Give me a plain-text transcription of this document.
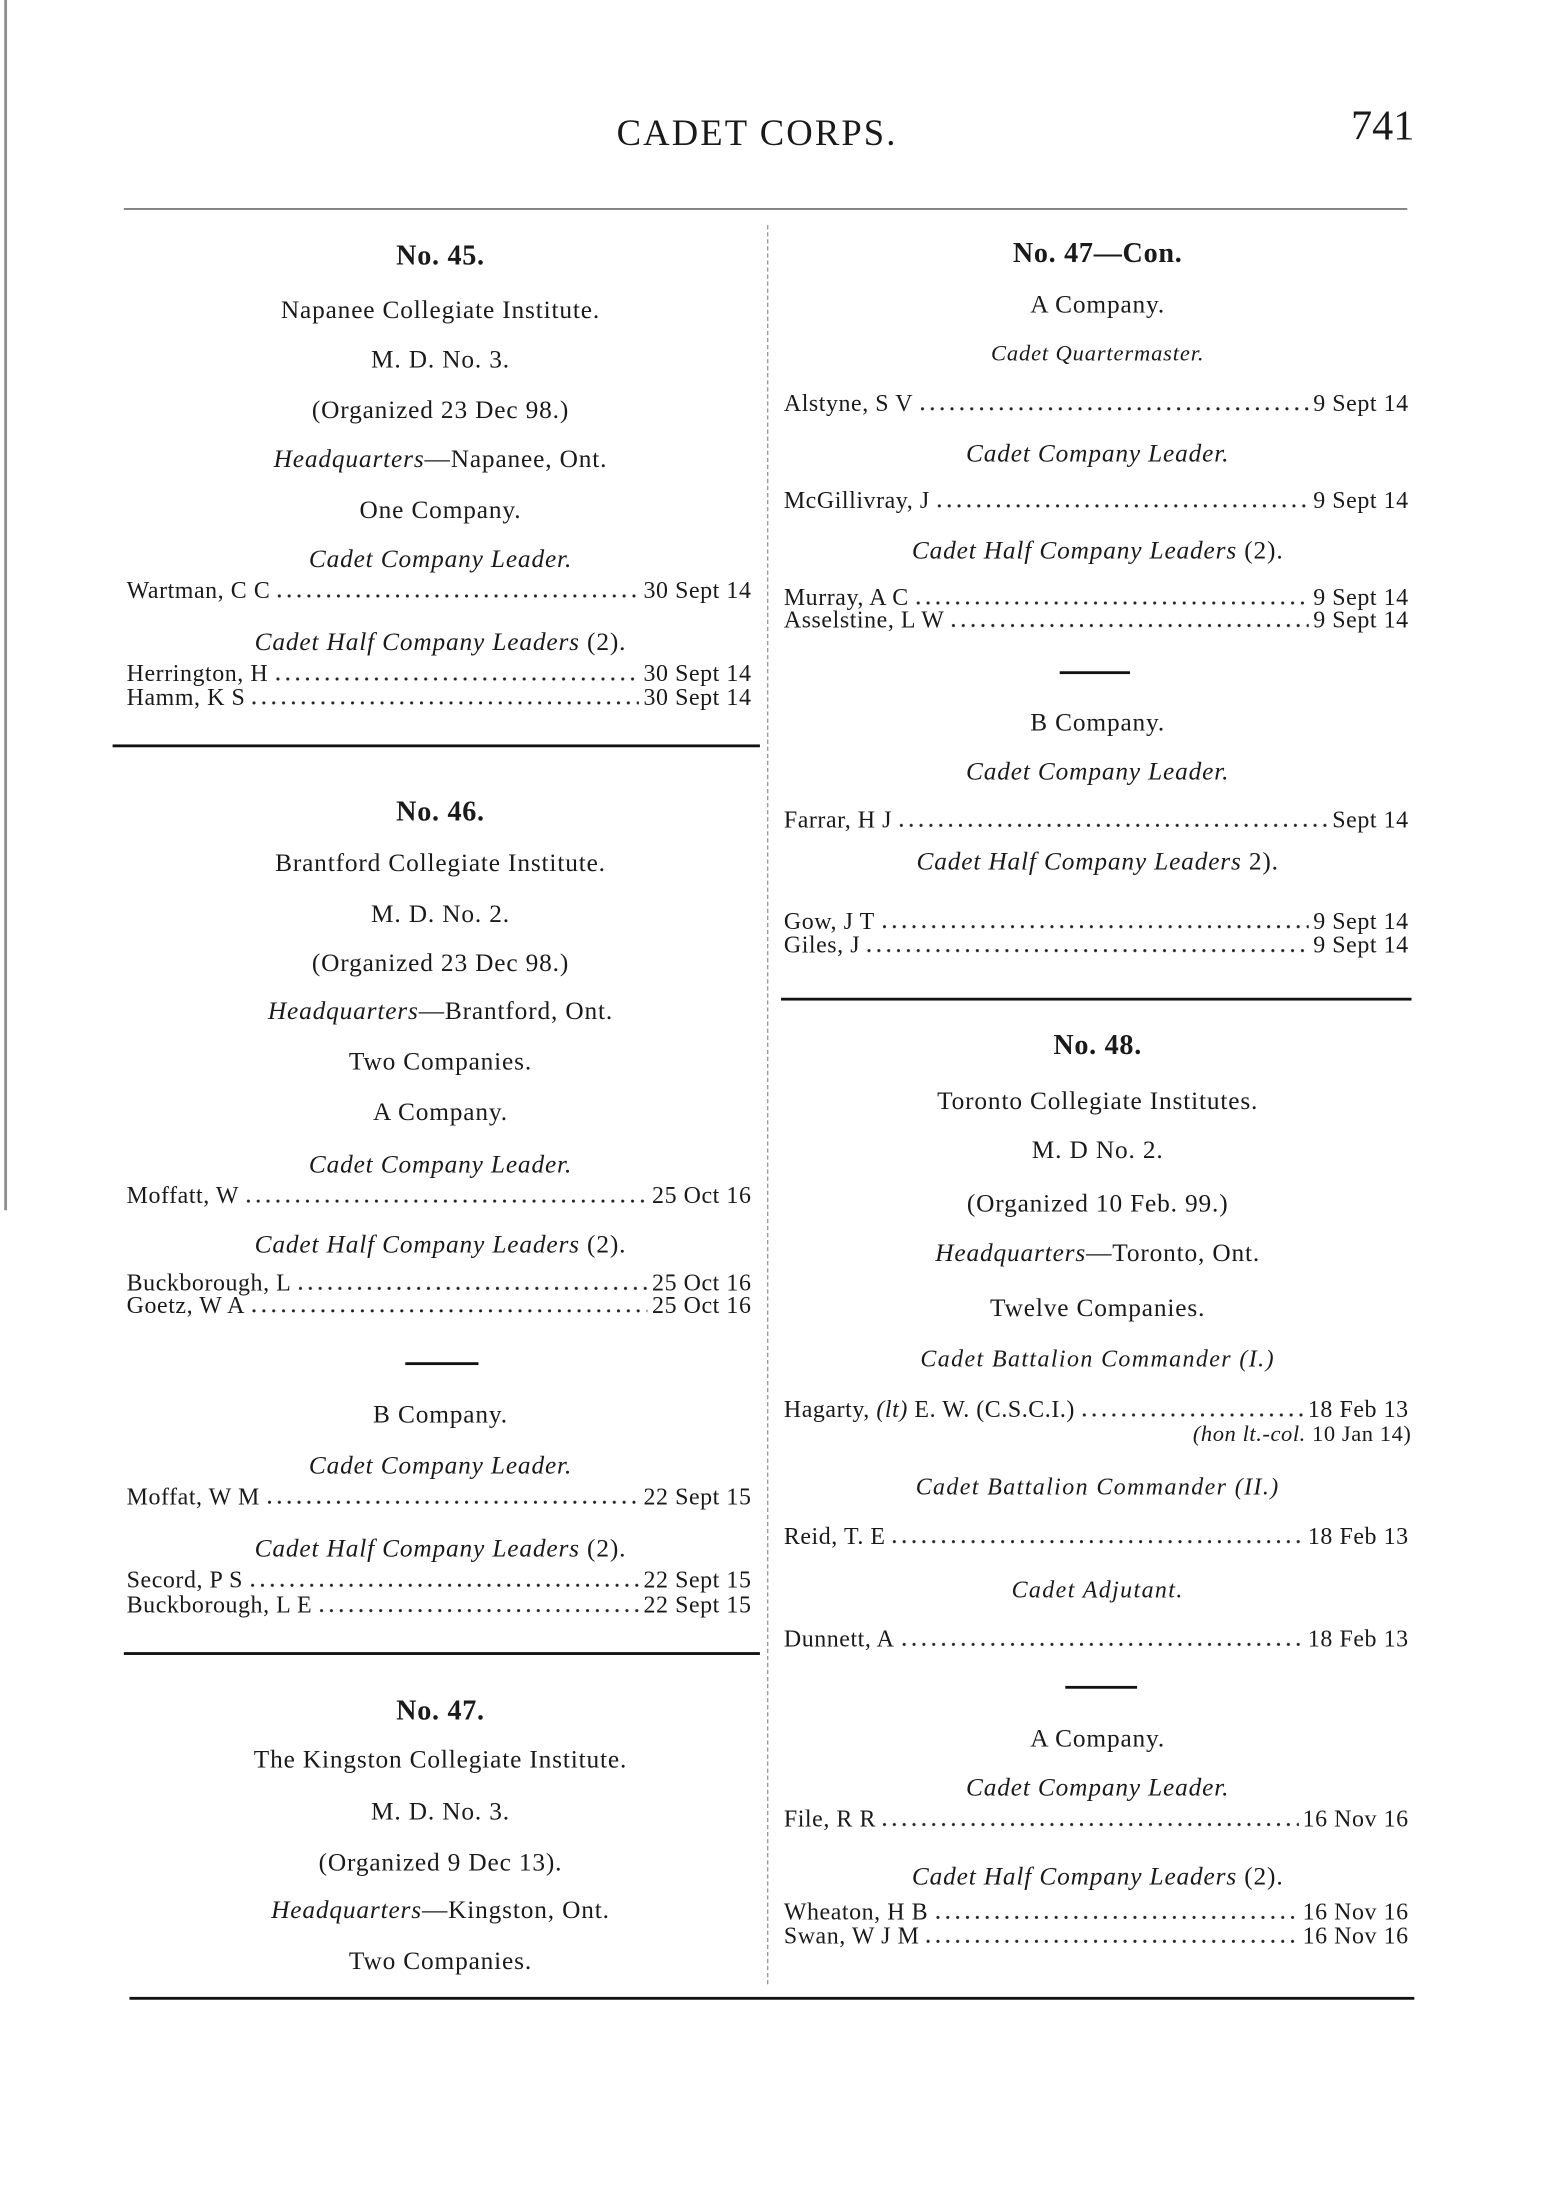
CADET CORPS.	741
No. 45.
Napanee Collegiate Institute.
M. D. No. 3.
(Organized 23 Dec 98.)
Headquarters—Napanee, Ont.
One Company.
Cadet Company Leader.
Wartman, C C	30 Sept 14
Cadet Half Company Leaders (2).
Herrington, H	30 Sept 14
Hamm, K S	30 Sept 14
No. 46.
Brantford Collegiate Institute.
M. D. No. 2.
(Organized 23 Dec 98.)
Headquarters—Brantford, Ont.
Two Companies.
A Company.
Cadet Company Leader.
Moffatt, W	25 Oct 16
Cadet Half Company Leaders (2).
Buckborough, L	25 Oct 16
Goetz, W A	25 Oct 16
B Company.
Cadet Company Leader.
Moffat, W M	22 Sept 15
Cadet Half Company Leaders (2).
Secord, P S	22 Sept 15
Buckborough, L E	22 Sept 15
No. 47.
The Kingston Collegiate Institute.
M. D. No. 3.
(Organized 9 Dec 13).
Headquarters—Kingston, Ont.
Two Companies.
No. 47—Con.
A Company.
Cadet Quartermaster.
Alstyne, S V	9 Sept 14
Cadet Company Leader.
McGillivray, J	9 Sept 14
Cadet Half Company Leaders (2).
Murray, A C	9 Sept 14
Asselstine, L W	9 Sept 14
B Company.
Cadet Company Leader.
Farrar, H J	Sept 14
Cadet Half Company Leaders 2).
Gow, J T	9 Sept 14
Giles, J	9 Sept 14
No. 48.
Toronto Collegiate Institutes.
M. D No. 2.
(Organized 10 Feb. 99.)
Headquarters—Toronto, Ont.
Twelve Companies.
Cadet Battalion Commander (I.)
Hagarty, (lt) E. W. (C.S.C.I.)	18 Feb 13
(hon lt.-col. 10 Jan 14)
Cadet Battalion Commander (II.)
Reid, T. E	18 Feb 13
Cadet Adjutant.
Dunnett, A	18 Feb 13
A Company.
Cadet Company Leader.
File, R R	16 Nov 16
Cadet Half Company Leaders (2).
Wheaton, H B	16 Nov 16
Swan, W J M	16 Nov 16
